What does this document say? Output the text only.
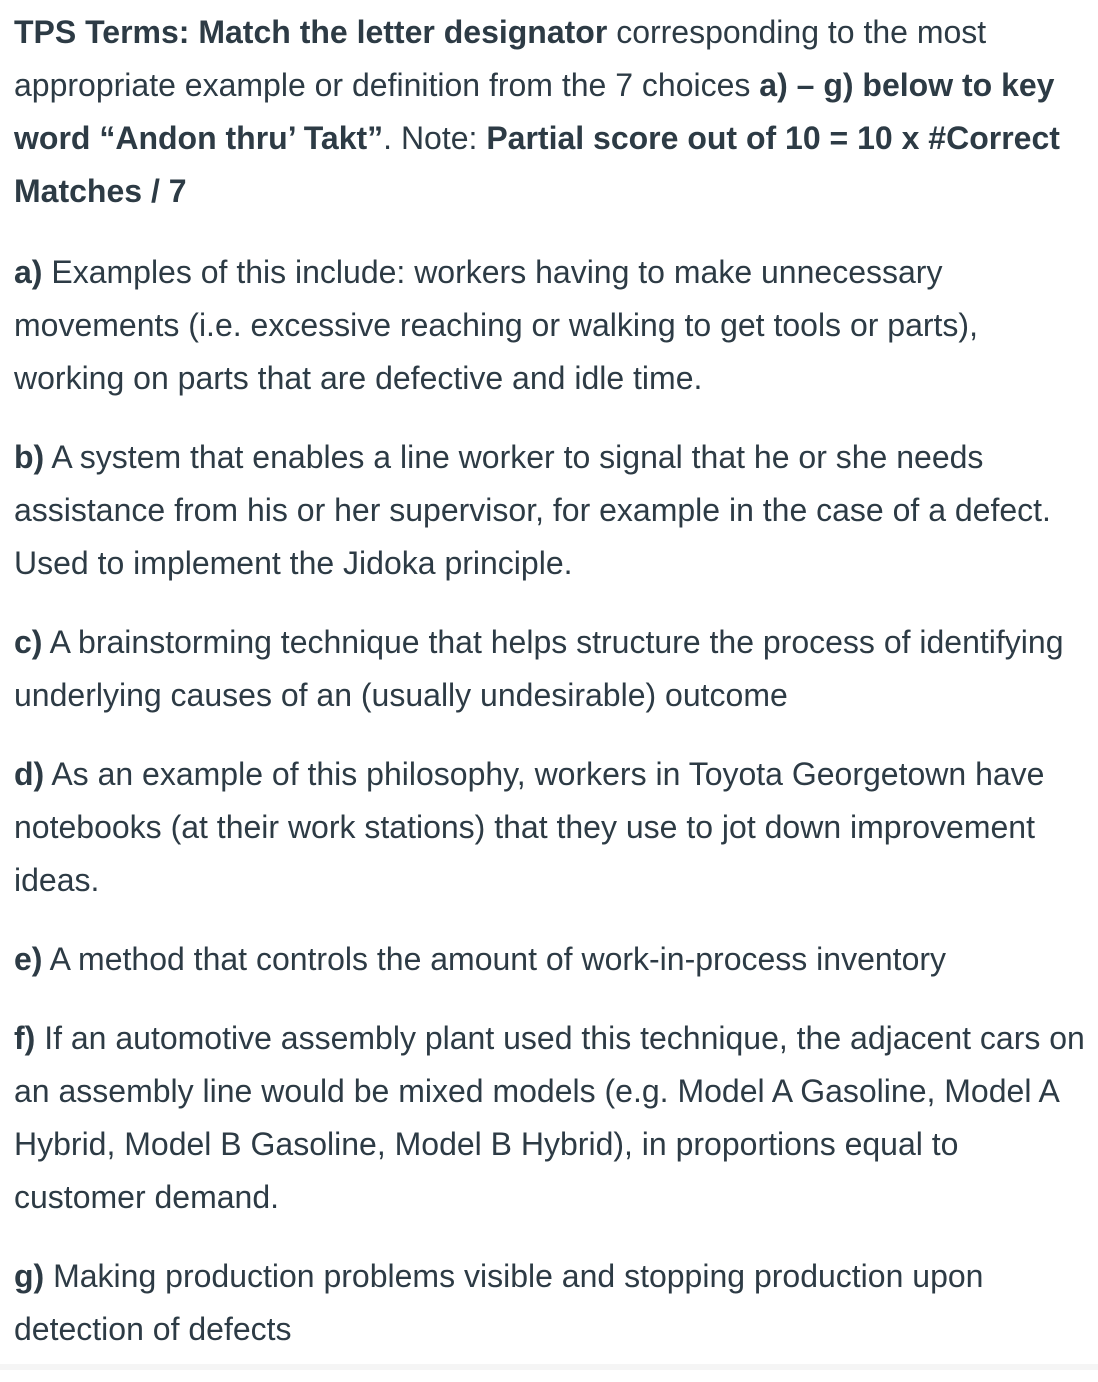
TPS Terms: Match the letter designator corresponding to the most appropriate example or definition from the 7 choices a) – g) below to key word “Andon thru’ Takt”. Note: Partial score out of 10 = 10 x #Correct Matches / 7

a) Examples of this include: workers having to make unnecessary movements (i.e. excessive reaching or walking to get tools or parts), working on parts that are defective and idle time.

b) A system that enables a line worker to signal that he or she needs assistance from his or her supervisor, for example in the case of a defect. Used to implement the Jidoka principle.

c) A brainstorming technique that helps structure the process of identifying underlying causes of an (usually undesirable) outcome

d) As an example of this philosophy, workers in Toyota Georgetown have notebooks (at their work stations) that they use to jot down improvement ideas.

e) A method that controls the amount of work-in-process inventory

f) If an automotive assembly plant used this technique, the adjacent cars on an assembly line would be mixed models (e.g. Model A Gasoline, Model A Hybrid, Model B Gasoline, Model B Hybrid), in proportions equal to customer demand.

g) Making production problems visible and stopping production upon detection of defects
